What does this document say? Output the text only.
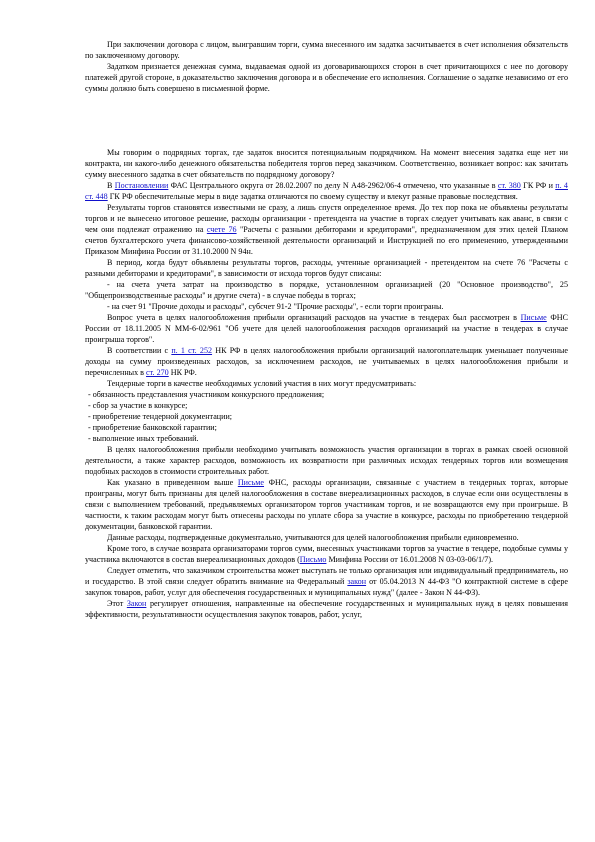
При заключении договора с лицом, выигравшим торги, сумма внесенного им задатка засчитывается в счет исполнения обязательств по заключенному договору.

Задатком признается денежная сумма, выдаваемая одной из договаривающихся сторон в счет причитающихся с нее по договору платежей другой стороне, в доказательство заключения договора и в обеспечение его исполнения. Соглашение о задатке независимо от его суммы должно быть совершено в письменной форме.

Мы говорим о подрядных торгах, где задаток вносится потенциальным подрядчиком. На момент внесения задатка еще нет ни контракта, ни какого-либо денежного обязательства победителя торгов перед заказчиком. Соответственно, возникает вопрос: как зачитать сумму внесенного задатка в счет обязательств по подрядному договору?

В Постановлении ФАС Центрального округа от 28.02.2007 по делу N А48-2962/06-4 отмечено, что указанные в ст. 380 ГК РФ и п. 4 ст. 448 ГК РФ обеспечительные меры в виде задатка отличаются по своему существу и влекут разные правовые последствия.

Результаты торгов становятся известными не сразу, а лишь спустя определенное время. До тех пор пока не объявлены результаты торгов и не вынесено итоговое решение, расходы организации - претендента на участие в торгах следует учитывать как аванс, в связи с чем они подлежат отражению на счете 76 "Расчеты с разными дебиторами и кредиторами", предназначенном для этих целей Планом счетов бухгалтерского учета финансово-хозяйственной деятельности организаций и Инструкцией по его применению, утвержденными Приказом Минфина России от 31.10.2000 N 94н.

В период, когда будут объявлены результаты торгов, расходы, учтенные организацией - претендентом на счете 76 "Расчеты с разными дебиторами и кредиторами", в зависимости от исхода торгов будут списаны:

- на счета учета затрат на производство в порядке, установленном организацией (20 "Основное производство", 25 "Общепроизводственные расходы" и другие счета) - в случае победы в торгах;

- на счет 91 "Прочие доходы и расходы", субсчет 91-2 "Прочие расходы", - если торги проиграны.

Вопрос учета в целях налогообложения прибыли организаций расходов на участие в тендерах был рассмотрен в Письме ФНС России от 18.11.2005 N ММ-6-02/961 "Об учете для целей налогообложения расходов организаций на участие в тендерах в случае проигрыша торгов".

В соответствии с п. 1 ст. 252 НК РФ в целях налогообложения прибыли организаций налогоплательщик уменьшает полученные доходы на сумму произведенных расходов, за исключением расходов, не учитываемых в целях налогообложения прибыли и перечисленных в ст. 270 НК РФ.

Тендерные торги в качестве необходимых условий участия в них могут предусматривать:

- обязанность представления участником конкурсного предложения;

- сбор за участие в конкурсе;

- приобретение тендерной документации;

- приобретение банковской гарантии;

- выполнение иных требований.

В целях налогообложения прибыли необходимо учитывать возможность участия организации в торгах в рамках своей основной деятельности, а также характер расходов, возможность их возвратности при различных исходах тендерных торгов или возмещения подобных расходов в стоимости строительных работ.

Как указано в приведенном выше Письме ФНС, расходы организации, связанные с участием в тендерных торгах, которые проиграны, могут быть признаны для целей налогообложения в составе внереализационных расходов, в случае если они осуществлены в связи с выполнением требований, предъявляемых организатором торгов участникам торгов, и не возвращаются ему при проигрыше. В частности, к таким расходам могут быть отнесены расходы по уплате сбора за участие в конкурсе, расходы по приобретению тендерной документации, банковской гарантии.

Данные расходы, подтвержденные документально, учитываются для целей налогообложения прибыли единовременно.

Кроме того, в случае возврата организаторами торгов сумм, внесенных участниками торгов за участие в тендере, подобные суммы у участника включаются в состав внереализационных доходов (Письмо Минфина России от 16.01.2008 N 03-03-06/1/7).

Следует отметить, что заказчиком строительства может выступать не только организация или индивидуальный предприниматель, но и государство. В этой связи следует обратить внимание на Федеральный закон от 05.04.2013 N 44-ФЗ "О контрактной системе в сфере закупок товаров, работ, услуг для обеспечения государственных и муниципальных нужд" (далее - Закон N 44-ФЗ).

Этот Закон регулирует отношения, направленные на обеспечение государственных и муниципальных нужд в целях повышения эффективности, результативности осуществления закупок товаров, работ, услуг,
